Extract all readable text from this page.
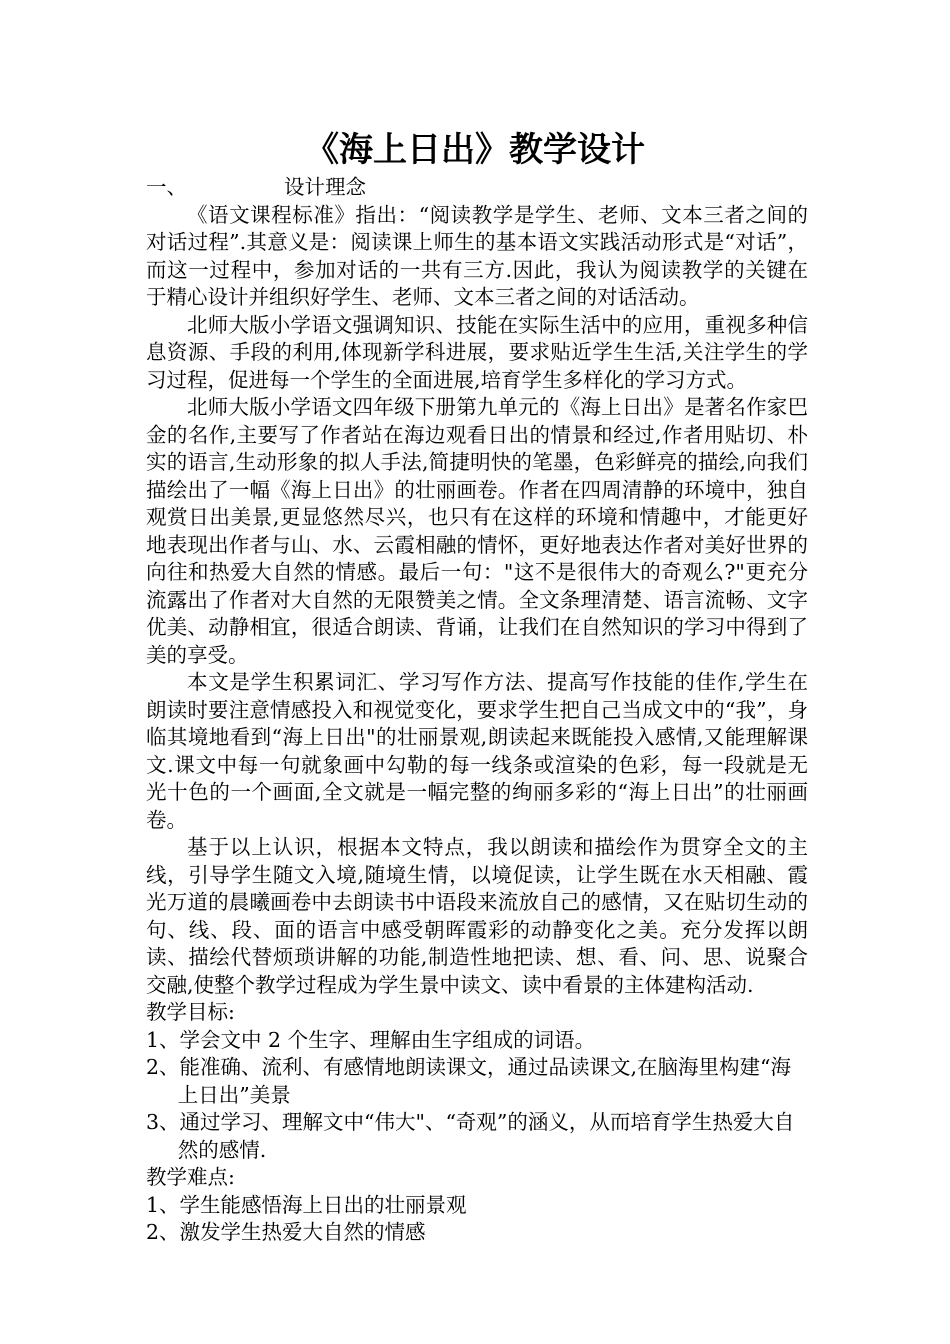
《海上日出》教学设计
一、	设计理念
《语文课程标准》指出：“阅读教学是学生、老师、文本三者之间的对话过程”.其意义是：阅读课上师生的基本语文实践活动形式是“对话”，而这一过程中，参加对话的一共有三方.因此，我认为阅读教学的关键在于精心设计并组织好学生、老师、文本三者之间的对话活动。
北师大版小学语文强调知识、技能在实际生活中的应用，重视多种信息资源、手段的利用,体现新学科进展，要求贴近学生生活,关注学生的学习过程，促进每一个学生的全面进展,培育学生多样化的学习方式。
北师大版小学语文四年级下册第九单元的《海上日出》是著名作家巴金的名作,主要写了作者站在海边观看日出的情景和经过,作者用贴切、朴实的语言,生动形象的拟人手法,简捷明快的笔墨，色彩鲜亮的描绘,向我们描绘出了一幅《海上日出》的壮丽画卷。作者在四周清静的环境中，独自观赏日出美景,更显悠然尽兴，也只有在这样的环境和情趣中，才能更好地表现出作者与山、水、云霞相融的情怀，更好地表达作者对美好世界的向往和热爱大自然的情感。最后一句："这不是很伟大的奇观么?"更充分流露出了作者对大自然的无限赞美之情。全文条理清楚、语言流畅、文字优美、动静相宜，很适合朗读、背诵，让我们在自然知识的学习中得到了美的享受。
本文是学生积累词汇、学习写作方法、提高写作技能的佳作,学生在朗读时要注意情感投入和视觉变化，要求学生把自己当成文中的“我”，身临其境地看到“海上日出"的壮丽景观,朗读起来既能投入感情,又能理解课文.课文中每一句就象画中勾勒的每一线条或渲染的色彩，每一段就是无光十色的一个画面,全文就是一幅完整的绚丽多彩的“海上日出”的壮丽画卷。
基于以上认识，根据本文特点，我以朗读和描绘作为贯穿全文的主线，引导学生随文入境,随境生情，以境促读，让学生既在水天相融、霞光万道的晨曦画卷中去朗读书中语段来流放自己的感情，又在贴切生动的句、线、段、面的语言中感受朝晖霞彩的动静变化之美。充分发挥以朗读、描绘代替烦琐讲解的功能,制造性地把读、想、看、问、思、说聚合交融,使整个教学过程成为学生景中读文、读中看景的主体建构活动.
教学目标:
1、学会文中 2 个生字、理解由生字组成的词语。
2、能准确、流利、有感情地朗读课文，通过品读课文,在脑海里构建“海上日出”美景
3、通过学习、理解文中“伟大"、“奇观”的涵义，从而培育学生热爱大自然的感情.
教学难点:
1、学生能感悟海上日出的壮丽景观
2、激发学生热爱大自然的情感
